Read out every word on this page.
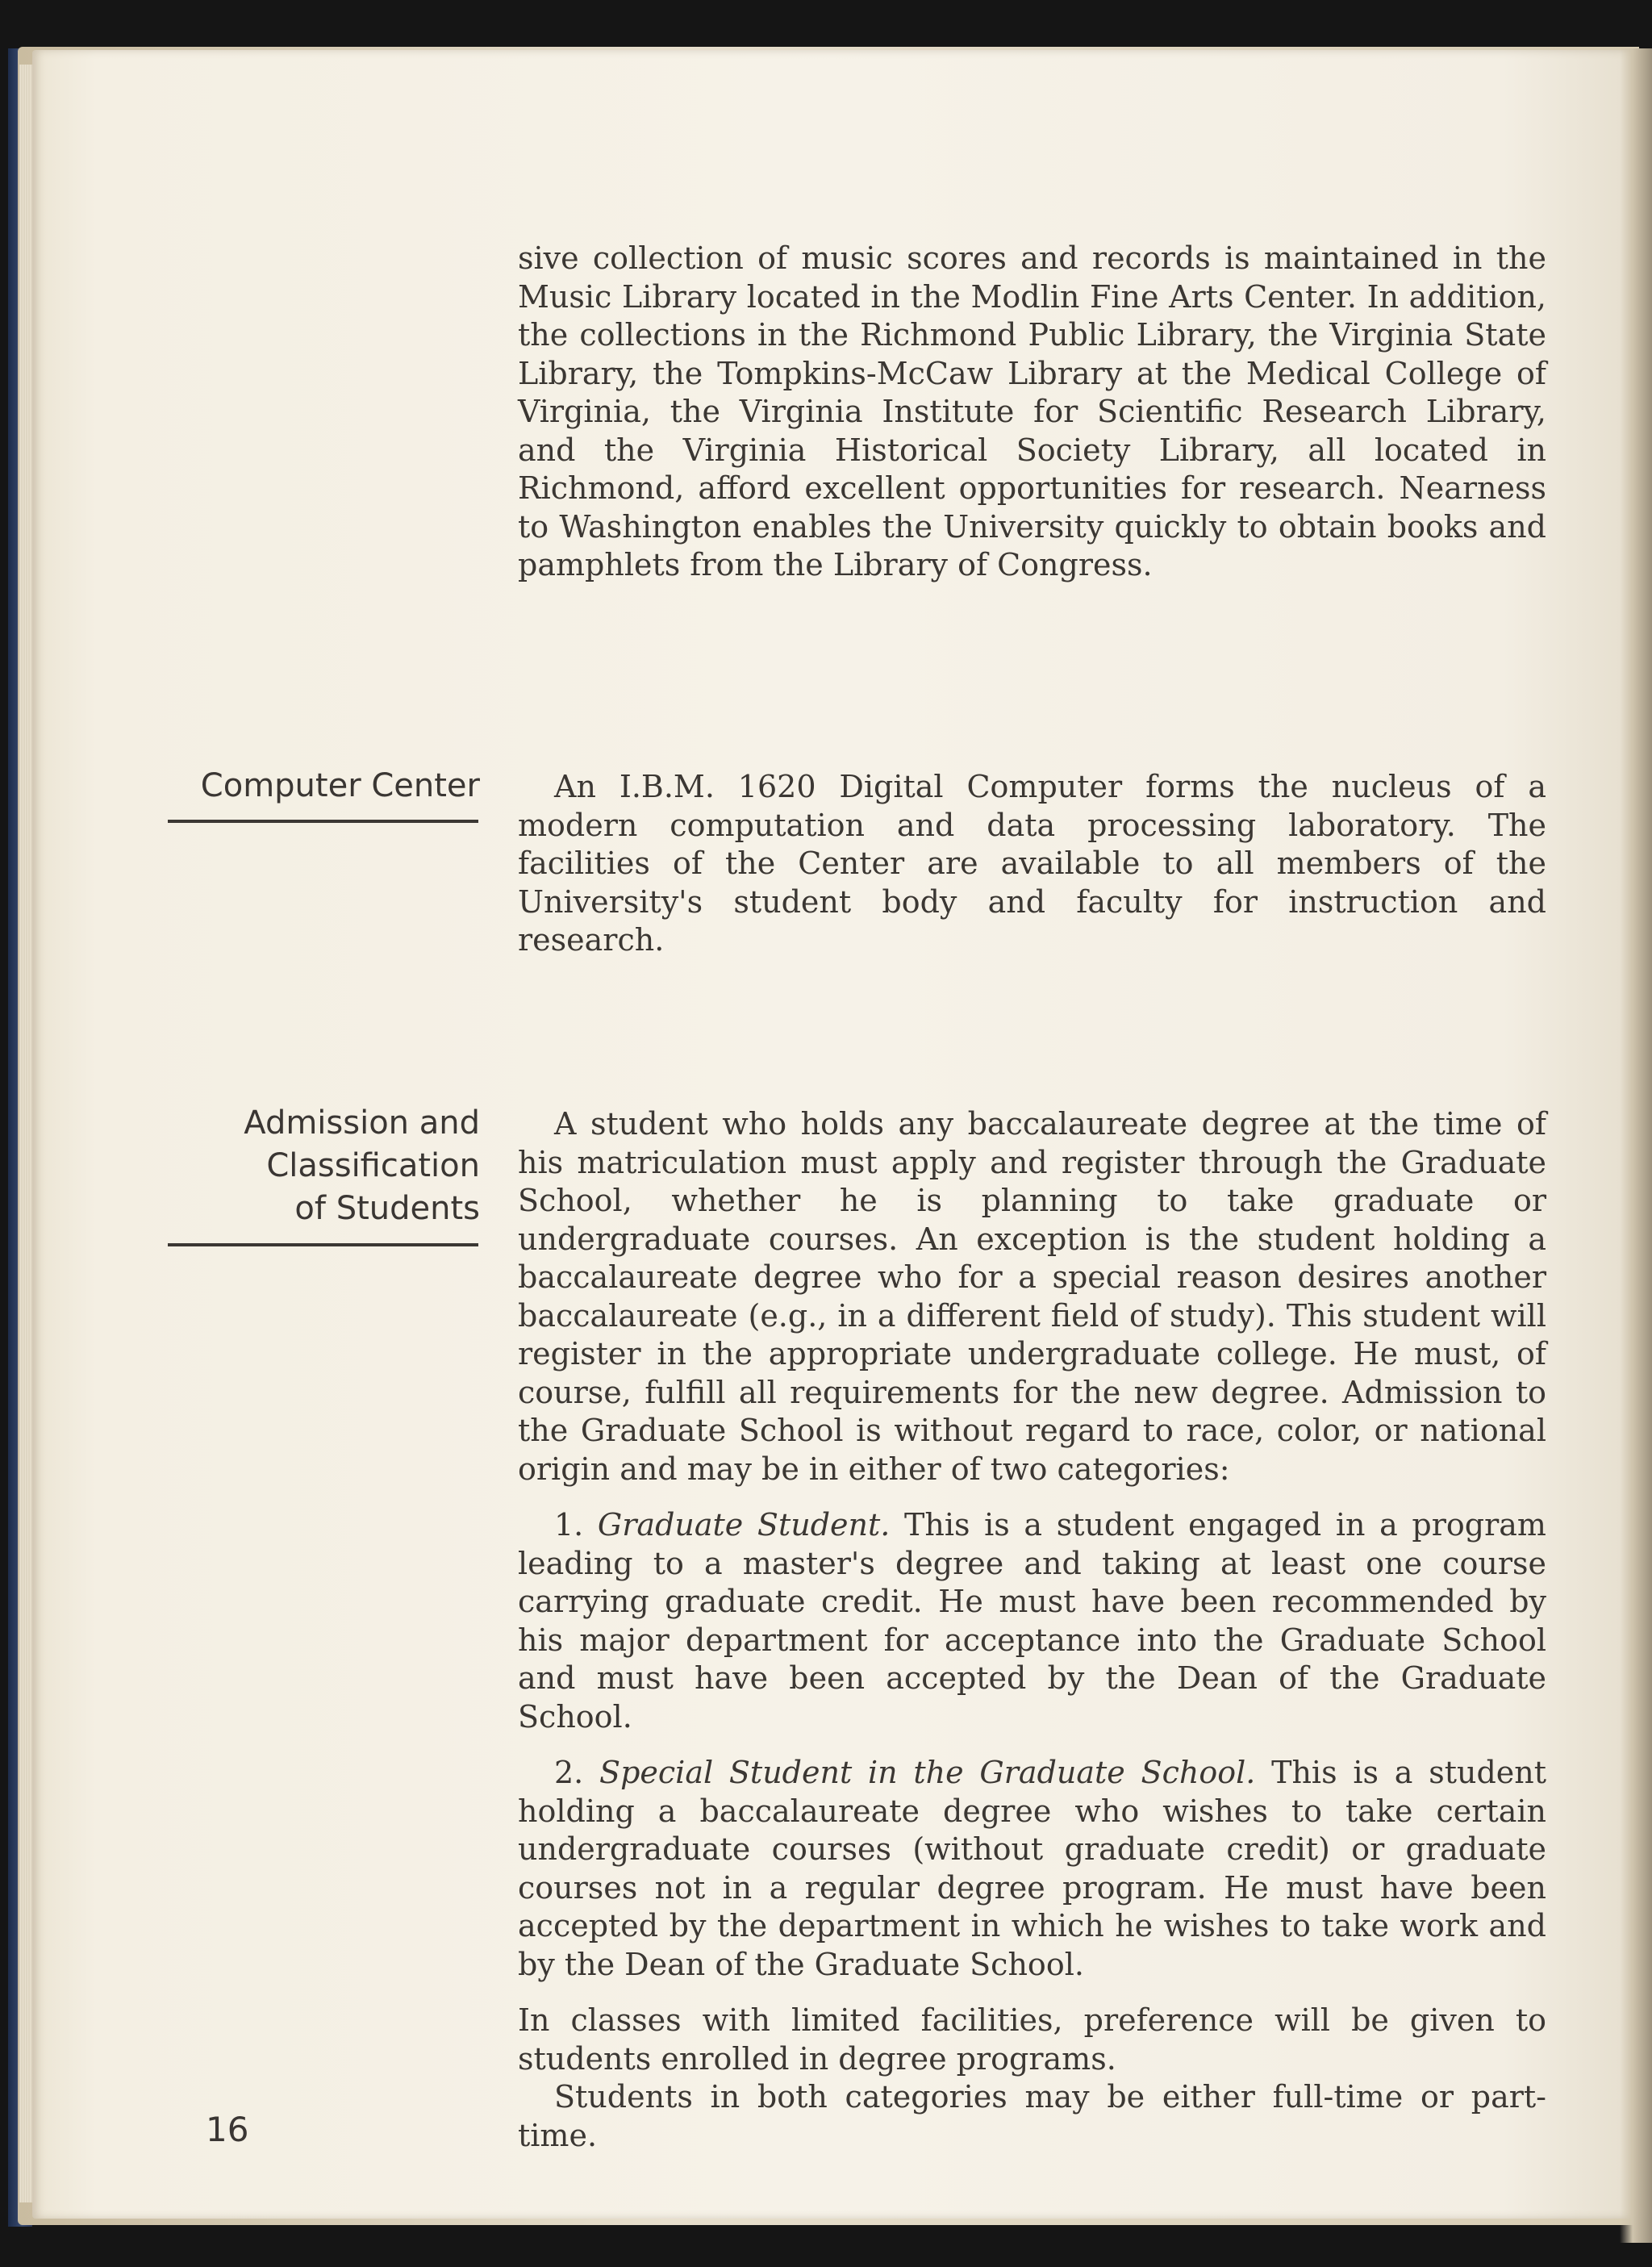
sive collection of music scores and records is maintained in the Music Library located in the Modlin Fine Arts Center. In addition, the collections in the Richmond Public Library, the Virginia State Library, the Tompkins-McCaw Library at the Medical College of Virginia, the Virginia Institute for Scientific Research Library, and the Virginia Historical Society Library, all located in Richmond, afford excellent opportunities for research. Nearness to Washington enables the University quickly to obtain books and pamphlets from the Library of Congress.

Computer Center	An I.B.M. 1620 Digital Computer forms the nucleus of a modern computation and data processing laboratory. The facilities of the Center are available to all members of the University's student body and faculty for instruction and research.

Admission and
Classification
of Students

A student who holds any baccalaureate degree at the time of his matriculation must apply and register through the Graduate School, whether he is planning to take graduate or undergraduate courses. An exception is the student holding a baccalaureate degree who for a special reason desires another baccalaureate (e.g., in a different field of study). This student will register in the appropriate undergraduate college. He must, of course, fulfill all requirements for the new degree. Admission to the Graduate School is without regard to race, color, or national origin and may be in either of two categories:

1. Graduate Student. This is a student engaged in a program leading to a master's degree and taking at least one course carrying graduate credit. He must have been recommended by his major department for acceptance into the Graduate School and must have been accepted by the Dean of the Graduate School.

2. Special Student in the Graduate School. This is a student holding a baccalaureate degree who wishes to take certain undergraduate courses (without graduate credit) or graduate courses not in a regular degree program. He must have been accepted by the department in which he wishes to take work and by the Dean of the Graduate School.

In classes with limited facilities, preference will be given to students enrolled in degree programs.

Students in both categories may be either full-time or part-time.

16
